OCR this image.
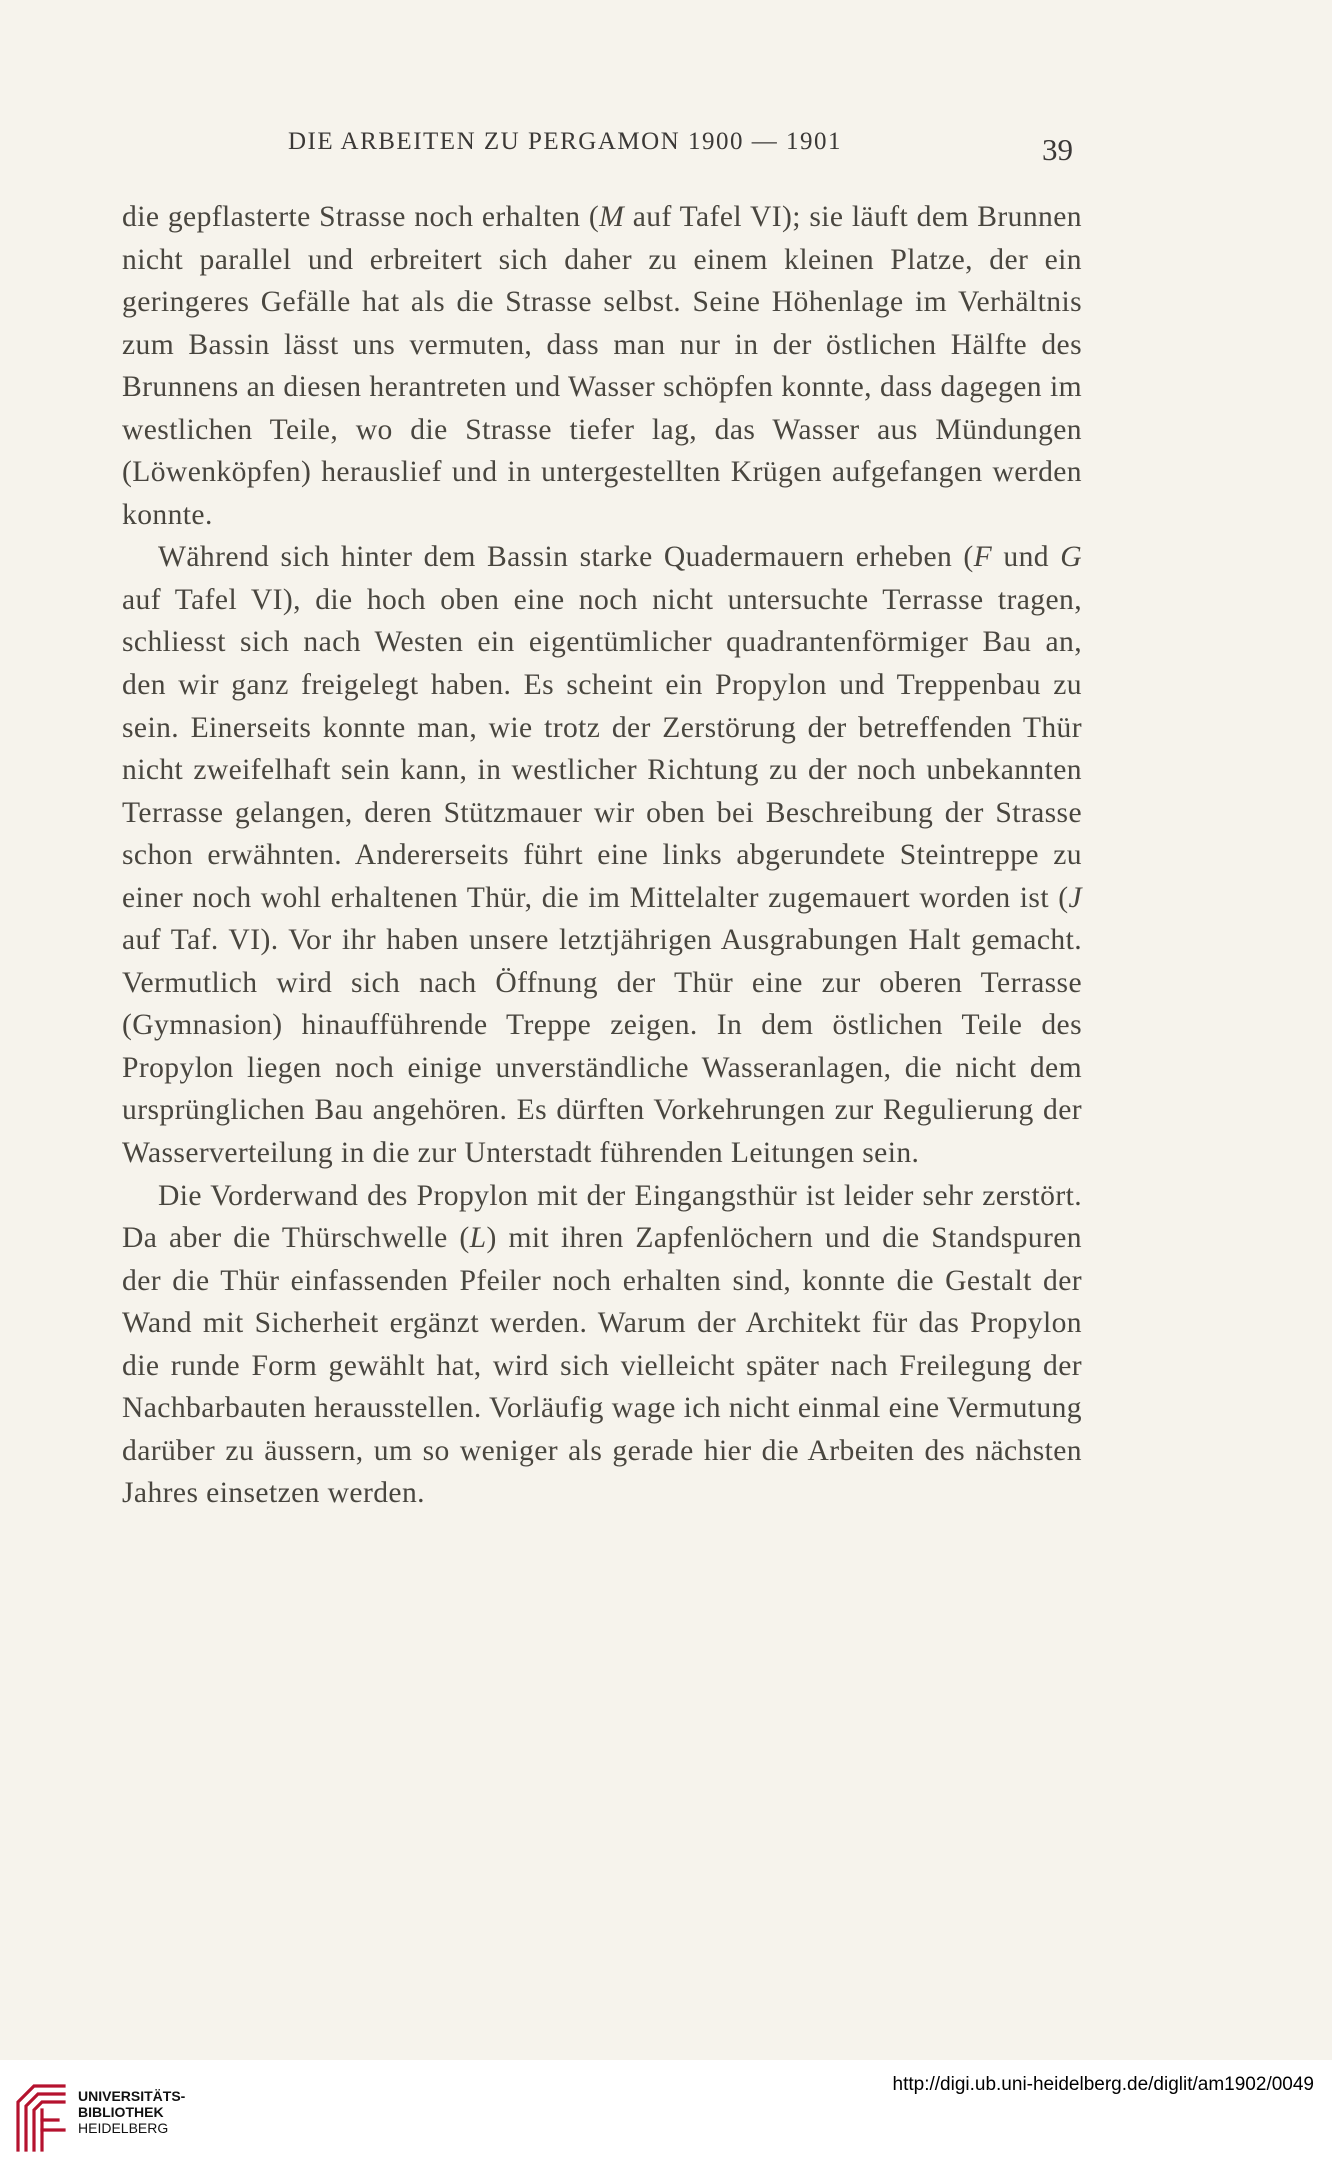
DIE ARBEITEN ZU PERGAMON 1900 — 1901	39

die gepflasterte Strasse noch erhalten (M auf Tafel VI); sie läuft dem Brunnen nicht parallel und erbreitert sich daher zu einem kleinen Platze, der ein geringeres Gefälle hat als die Strasse selbst. Seine Höhenlage im Verhältnis zum Bassin lässt uns vermuten, dass man nur in der östlichen Hälfte des Brunnens an diesen herantreten und Wasser schöpfen konnte, dass dagegen im westlichen Teile, wo die Strasse tiefer lag, das Wasser aus Mündungen (Löwenköpfen) herauslief und in untergestellten Krügen aufgefangen werden konnte.

Während sich hinter dem Bassin starke Quadermauern erheben (F und G auf Tafel VI), die hoch oben eine noch nicht untersuchte Terrasse tragen, schliesst sich nach Westen ein eigentümlicher quadrantenförmiger Bau an, den wir ganz freigelegt haben. Es scheint ein Propylon und Treppenbau zu sein. Einerseits konnte man, wie trotz der Zerstörung der betreffenden Thür nicht zweifelhaft sein kann, in westlicher Richtung zu der noch unbekannten Terrasse gelangen, deren Stützmauer wir oben bei Beschreibung der Strasse schon erwähnten. Andererseits führt eine links abgerundete Steintreppe zu einer noch wohl erhaltenen Thür, die im Mittelalter zugemauert worden ist (J auf Taf. VI). Vor ihr haben unsere letztjährigen Ausgrabungen Halt gemacht. Vermutlich wird sich nach Öffnung der Thür eine zur oberen Terrasse (Gymnasion) hinaufführende Treppe zeigen. In dem östlichen Teile des Propylon liegen noch einige unverständliche Wasseranlagen, die nicht dem ursprünglichen Bau angehören. Es dürften Vorkehrungen zur Regulierung der Wasserverteilung in die zur Unterstadt führenden Leitungen sein.

Die Vorderwand des Propylon mit der Eingangsthür ist leider sehr zerstört. Da aber die Thürschwelle (L) mit ihren Zapfenlöchern und die Standspuren der die Thür einfassenden Pfeiler noch erhalten sind, konnte die Gestalt der Wand mit Sicherheit ergänzt werden. Warum der Architekt für das Propylon die runde Form gewählt hat, wird sich vielleicht später nach Freilegung der Nachbarbauten herausstellen. Vorläufig wage ich nicht einmal eine Vermutung darüber zu äussern, um so weniger als gerade hier die Arbeiten des nächsten Jahres einsetzen werden.

UNIVERSITÄTS-
BIBLIOTHEK
HEIDELBERG
http://digi.ub.uni-heidelberg.de/diglit/am1902/0049
